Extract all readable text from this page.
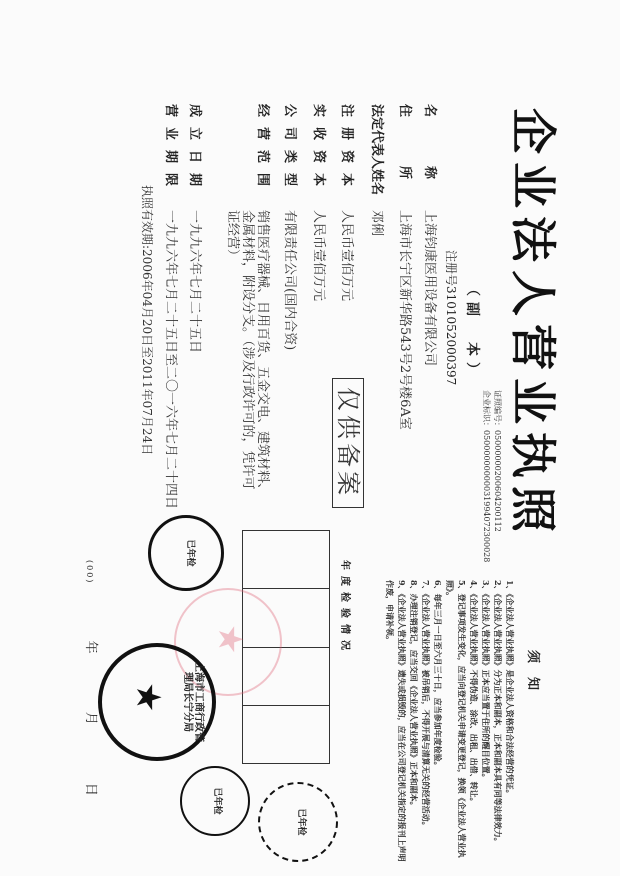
企业法人营业执照
证照编号：05000000200604200112
企业标识：05000000000031994072300028
（副　本）
注册号3101052000397
名　称
上海钧康医用设备有限公司
住　所
上海市长宁区新华路543号2号楼6A室
法定代表人姓名
邓俐
注册资本
人民币壹佰万元
实收资本
人民币壹佰万元
公司类型
有限责任公司(国内合资)
经营范围
销售医疗器械、日用百货、五金交电、建筑材料、金属材料，附设分支。（涉及行政许可的，凭许可证经营）
成立日期
一九九六年七月二十五日
营业期限
一九九六年七月二十五日至二〇一六年七月二十四日
执照有效期:2006年04月20日至2011年07月24日	仅供备案
须知
1、《企业法人营业执照》是企业法人资格和合法经营的凭证。
2、《企业法人营业执照》分为正本和副本，正本和副本具有同等法律效力。
3、《企业法人营业执照》正本应当置于住所的醒目位置。
4、《企业法人营业执照》不得伪造、涂改、出租、出借、转让。
5、登记事项发生变化，应当向登记机关申请变更登记，换领《企业法人营业执照》。
6、每年三月一日至六月三十日，应当参加年度检验。
7、《企业法人营业执照》被吊销后，不得开展与清算无关的经营活动。
8、办理注销登记，应当交回《企业法人营业执照》正本和副本。
9、《企业法人营业执照》遗失或损毁的，应当在公司登记机关指定的报刊上声明作废，申请补领。
年度检验情况
(00) 年 月 日
★
上海市工商行政管理局长宁分局
★
已年检
已年检
已年检
